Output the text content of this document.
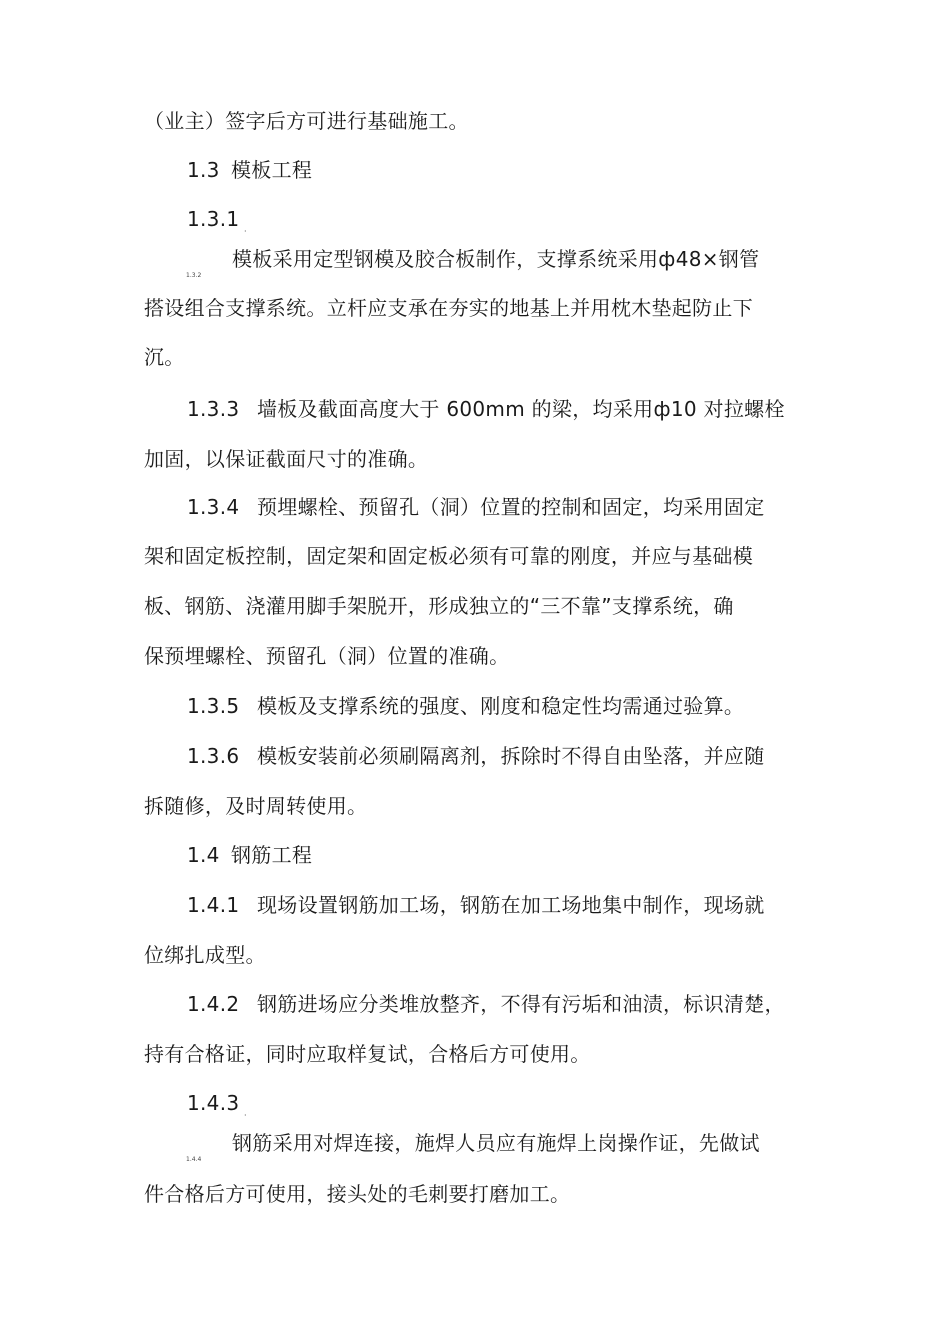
（业主）签字后方可进行基础施工。
1.3 模板工程
1.3.1
·
1.3.2
模板采用定型钢模及胶合板制作，支撑系统采用ф48×钢管
搭设组合支撑系统。立杆应支承在夯实的地基上并用枕木垫起防止下
沉。
1.3.3 墙板及截面高度大于 600mm 的梁，均采用ф10 对拉螺栓
加固，以保证截面尺寸的准确。
1.3.4 预埋螺栓、预留孔（洞）位置的控制和固定，均采用固定
架和固定板控制，固定架和固定板必须有可靠的刚度，并应与基础模
板、钢筋、浇灌用脚手架脱开，形成独立的“三不靠”支撑系统，确
保预埋螺栓、预留孔（洞）位置的准确。
1.3.5 模板及支撑系统的强度、刚度和稳定性均需通过验算。
1.3.6 模板安装前必须刷隔离剂，拆除时不得自由坠落，并应随
拆随修，及时周转使用。
1.4 钢筋工程
1.4.1 现场设置钢筋加工场，钢筋在加工场地集中制作，现场就
位绑扎成型。
1.4.2 钢筋进场应分类堆放整齐，不得有污垢和油渍，标识清楚，
持有合格证，同时应取样复试，合格后方可使用。
1.4.3
·
1.4.4
钢筋采用对焊连接，施焊人员应有施焊上岗操作证，先做试
件合格后方可使用，接头处的毛刺要打磨加工。
